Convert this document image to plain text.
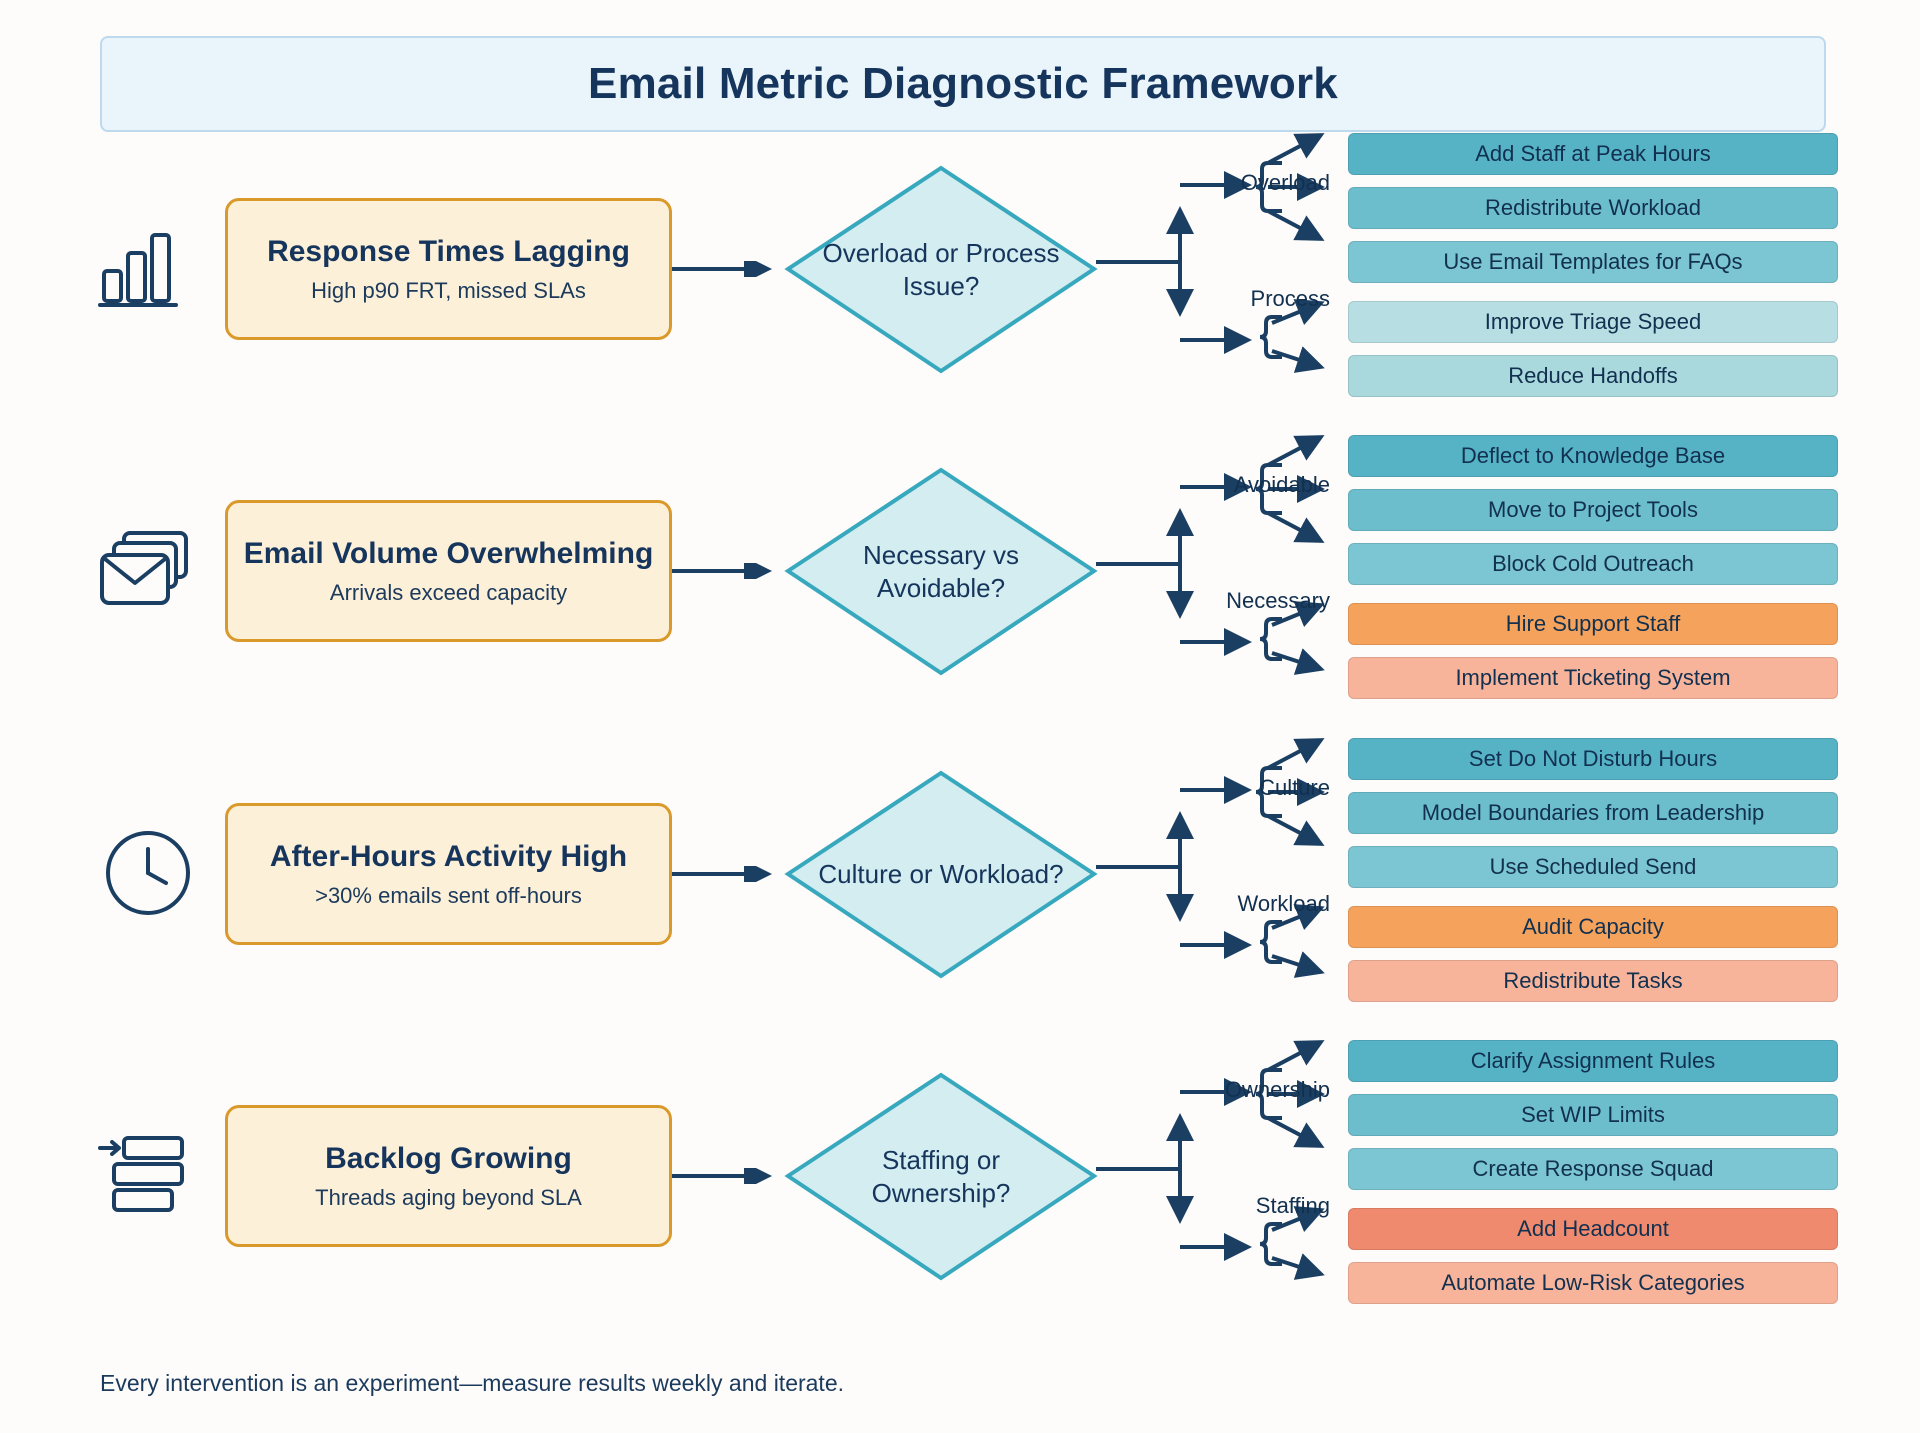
Email Metric Diagnostic Framework
Response Times Lagging
High p90 FRT, missed SLAs
Overload or Process Issue?
Overload
Process
Add Staff at Peak Hours
Redistribute Workload
Use Email Templates for FAQs
Improve Triage Speed
Reduce Handoffs
Email Volume Overwhelming
Arrivals exceed capacity
Necessary vs Avoidable?
Avoidable
Necessary
Deflect to Knowledge Base
Move to Project Tools
Block Cold Outreach
Hire Support Staff
Implement Ticketing System
After-Hours Activity High
>30% emails sent off-hours
Culture or Workload?
Culture
Workload
Set Do Not Disturb Hours
Model Boundaries from Leadership
Use Scheduled Send
Audit Capacity
Redistribute Tasks
Backlog Growing
Threads aging beyond SLA
Staffing or Ownership?
Ownership
Staffing
Clarify Assignment Rules
Set WIP Limits
Create Response Squad
Add Headcount
Automate Low-Risk Categories
Every intervention is an experiment—measure results weekly and iterate.
